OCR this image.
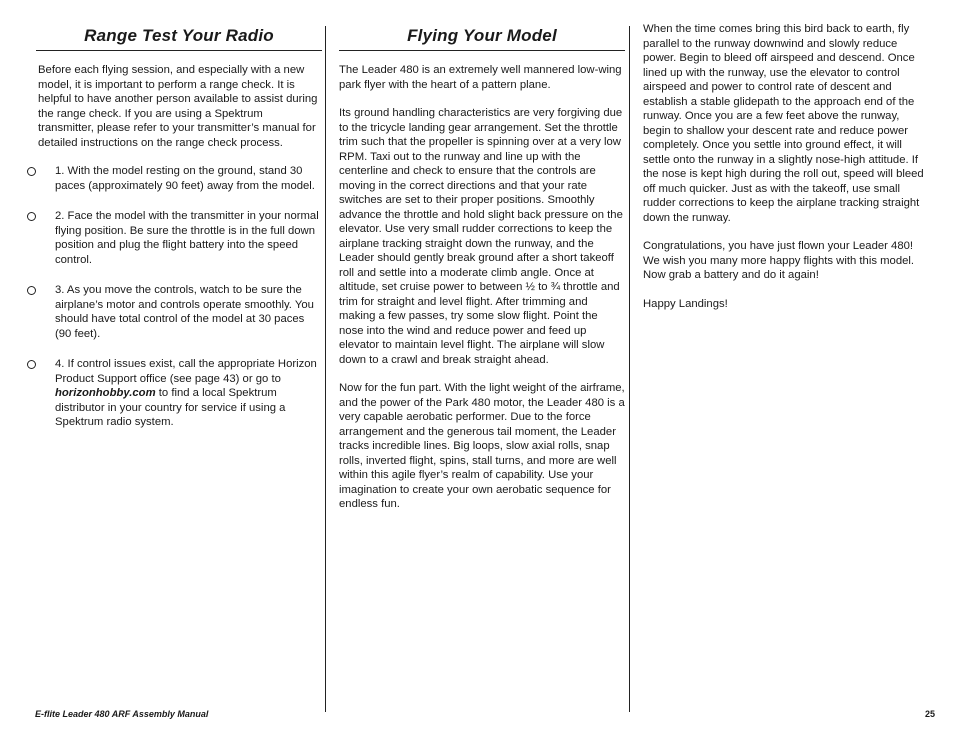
Range Test Your Radio

Before each flying session, and especially with a new model, it is important to perform a range check. It is helpful to have another person available to assist during the range check. If you are using a Spektrum transmitter, please refer to your transmitter’s manual for detailed instructions on the range check process.

1. With the model resting on the ground, stand 30 paces (approximately 90 feet) away from the model.

2. Face the model with the transmitter in your normal flying position. Be sure the throttle is in the full down position and plug the flight battery into the speed control.

3. As you move the controls, watch to be sure the airplane’s motor and controls operate smoothly. You should have total control of the model at 30 paces (90 feet).

4. If control issues exist, call the appropriate Horizon Product Support office (see page 43) or go to horizonhobby.com to find a local Spektrum distributor in your country for service if using a Spektrum radio system.

Flying Your Model

The Leader 480 is an extremely well mannered low-wing park flyer with the heart of a pattern plane.

Its ground handling characteristics are very forgiving due to the tricycle landing gear arrangement. Set the throttle trim such that the propeller is spinning over at a very low RPM. Taxi out to the runway and line up with the centerline and check to ensure that the controls are moving in the correct directions and that your rate switches are set to their proper positions. Smoothly advance the throttle and hold slight back pressure on the elevator. Use very small rudder corrections to keep the airplane tracking straight down the runway, and the Leader should gently break ground after a short takeoff roll and settle into a moderate climb angle. Once at altitude, set cruise power to between ½ to ¾ throttle and trim for straight and level flight. After trimming and making a few passes, try some slow flight. Point the nose into the wind and reduce power and feed up elevator to maintain level flight. The airplane will slow down to a crawl and break straight ahead.

Now for the fun part. With the light weight of the airframe, and the power of the Park 480 motor, the Leader 480 is a very capable aerobatic performer. Due to the force arrangement and the generous tail moment, the Leader tracks incredible lines. Big loops, slow axial rolls, snap rolls, inverted flight, spins, stall turns, and more are well within this agile flyer’s realm of capability. Use your imagination to create your own aerobatic sequence for endless fun.

When the time comes bring this bird back to earth, fly parallel to the runway downwind and slowly reduce power. Begin to bleed off airspeed and descend. Once lined up with the runway, use the elevator to control airspeed and power to control rate of descent and establish a stable glidepath to the approach end of the runway. Once you are a few feet above the runway, begin to shallow your descent rate and reduce power completely. Once you settle into ground effect, it will settle onto the runway in a slightly nose-high attitude. If the nose is kept high during the roll out, speed will bleed off much quicker. Just as with the takeoff, use small rudder corrections to keep the airplane tracking straight down the runway.

Congratulations, you have just flown your Leader 480! We wish you many more happy flights with this model. Now grab a battery and do it again!

Happy Landings!

E-flite Leader 480 ARF Assembly Manual	25
